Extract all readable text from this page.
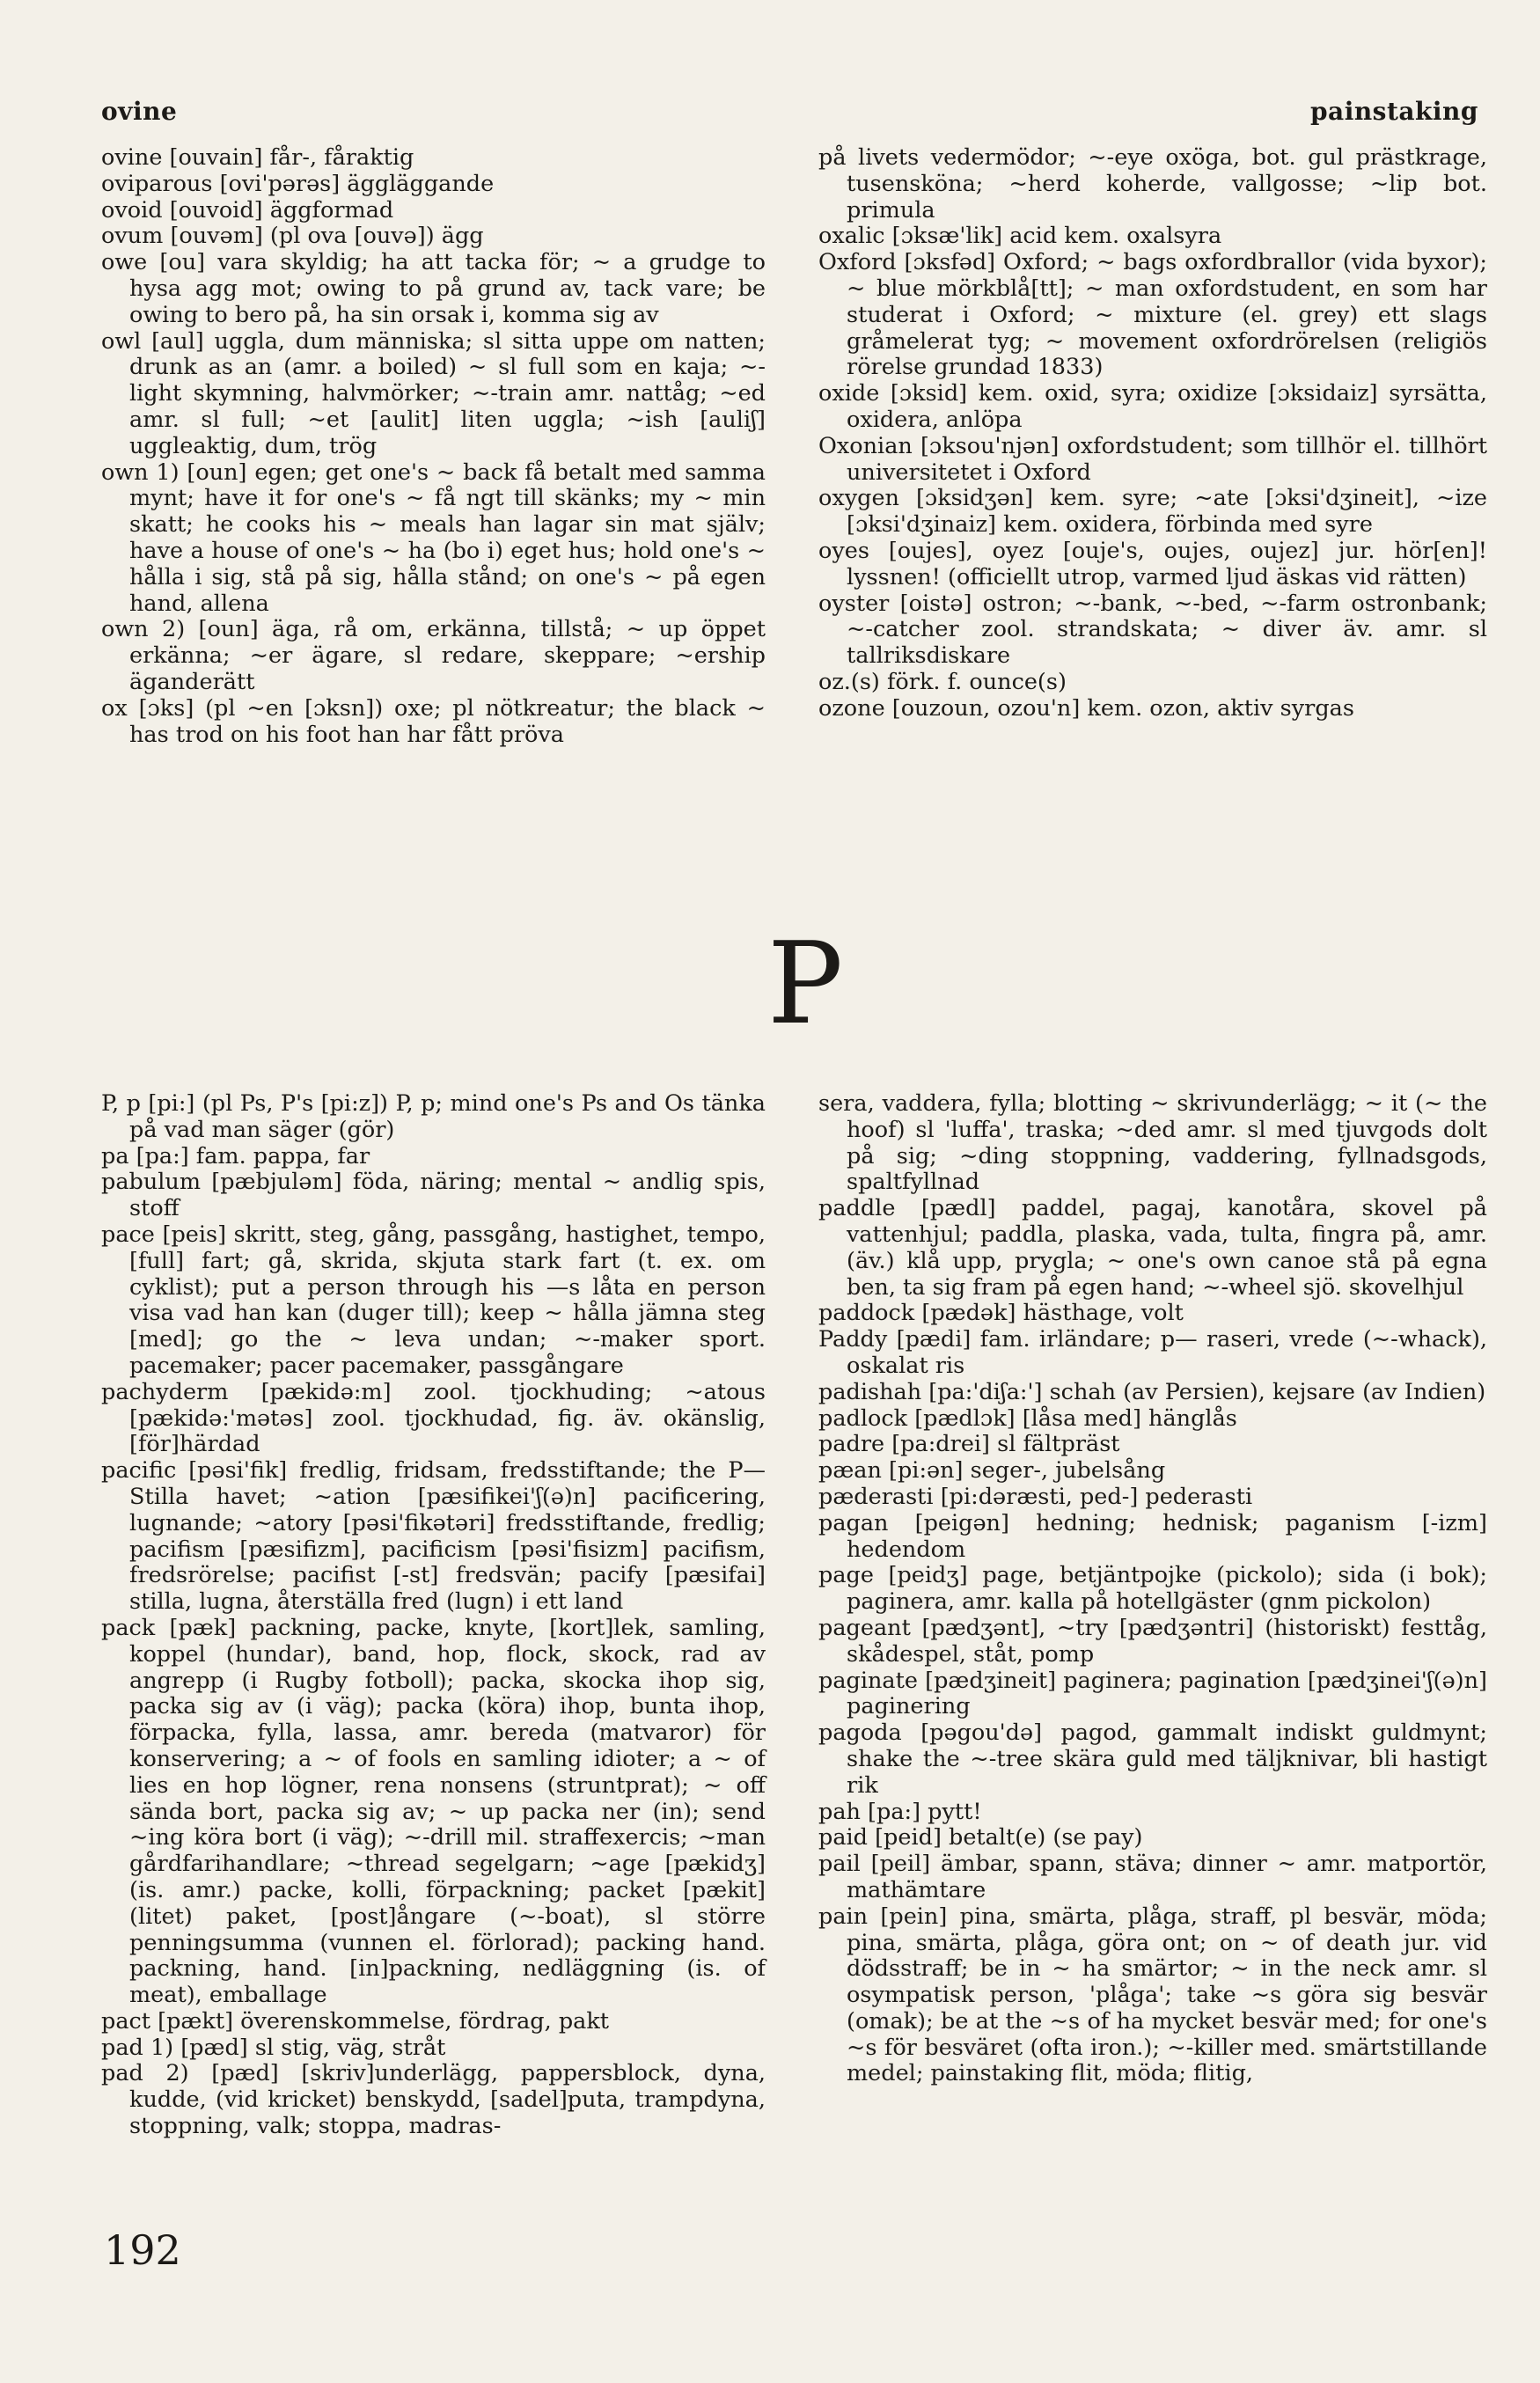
ovine	painstaking

ovine [ouvain] får-, fåraktig

oviparous [ovi'pərəs] äggläggande

ovoid [ouvoid] äggformad

ovum [ouvəm] (pl ova [ouvə]) ägg

owe [ou] vara skyldig; ha att tacka för; ~ a grudge to hysa agg mot; owing to på grund av, tack vare; be owing to bero på, ha sin orsak i, komma sig av

owl [aul] uggla, dum människa; sl sitta uppe om natten; drunk as an (amr. a boiled) ~ sl full som en kaja; ~-light skymning, halvmörker; ~-train amr. nattåg; ~ed amr. sl full; ~et [aulit] liten uggla; ~ish [auliʃ] uggleaktig, dum, trög

own 1) [oun] egen; get one's ~ back få betalt med samma mynt; have it for one's ~ få ngt till skänks; my ~ min skatt; he cooks his ~ meals han lagar sin mat själv; have a house of one's ~ ha (bo i) eget hus; hold one's ~ hålla i sig, stå på sig, hålla stånd; on one's ~ på egen hand, allena

own 2) [oun] äga, rå om, erkänna, tillstå; ~ up öppet erkänna; ~er ägare, sl redare, skeppare; ~ership äganderätt

ox [ɔks] (pl ~en [ɔksn]) oxe; pl nötkreatur; the black ~ has trod on his foot han har fått pröva

på livets vedermödor; ~-eye oxöga, bot. gul prästkrage, tusensköna; ~herd koherde, vallgosse; ~lip bot. primula

oxalic [ɔksæ'lik] acid kem. oxalsyra

Oxford [ɔksfəd] Oxford; ~ bags oxfordbrallor (vida byxor); ~ blue mörkblå[tt]; ~ man oxfordstudent, en som har studerat i Oxford; ~ mixture (el. grey) ett slags gråmelerat tyg; ~ movement oxfordrörelsen (religiös rörelse grundad 1833)

oxide [ɔksid] kem. oxid, syra; oxidize [ɔksidaiz] syrsätta, oxidera, anlöpa

Oxonian [ɔksou'njən] oxfordstudent; som tillhör el. tillhört universitetet i Oxford

oxygen [ɔksidʒən] kem. syre; ~ate [ɔksi'dʒineit], ~ize [ɔksi'dʒinaiz] kem. oxidera, förbinda med syre

oyes [oujes], oyez [ouje's, oujes, oujez] jur. hör[en]! lyssnen! (officiellt utrop, varmed ljud äskas vid rätten)

oyster [oistə] ostron; ~-bank, ~-bed, ~-farm ostronbank; ~-catcher zool. strandskata; ~ diver äv. amr. sl tallriksdiskare

oz.(s) förk. f. ounce(s)

ozone [ouzoun, ozou'n] kem. ozon, aktiv syrgas

P

P, p [pi:] (pl Ps, P's [pi:z]) P, p; mind one's Ps and Os tänka på vad man säger (gör)

pa [pa:] fam. pappa, far

pabulum [pæbjuləm] föda, näring; mental ~ andlig spis, stoff

pace [peis] skritt, steg, gång, passgång, hastighet, tempo, [full] fart; gå, skrida, skjuta stark fart (t. ex. om cyklist); put a person through his —s låta en person visa vad han kan (duger till); keep ~ hålla jämna steg [med]; go the ~ leva undan; ~-maker sport. pacemaker; pacer pacemaker, passgångare

pachyderm [pækidə:m] zool. tjockhuding; ~atous [pækidə:'mətəs] zool. tjockhudad, fig. äv. okänslig, [för]härdad

pacific [pəsi'fik] fredlig, fridsam, fredsstiftande; the P— Stilla havet; ~ation [pæsifikei'ʃ(ə)n] pacificering, lugnande; ~atory [pəsi'fikətəri] fredsstiftande, fredlig; pacifism [pæsifizm], pacificism [pəsi'fisizm] pacifism, fredsrörelse; pacifist [-st] fredsvän; pacify [pæsifai] stilla, lugna, återställa fred (lugn) i ett land

pack [pæk] packning, packe, knyte, [kort]lek, samling, koppel (hundar), band, hop, flock, skock, rad av angrepp (i Rugby fotboll); packa, skocka ihop sig, packa sig av (i väg); packa (köra) ihop, bunta ihop, förpacka, fylla, lassa, amr. bereda (matvaror) för konservering; a ~ of fools en samling idioter; a ~ of lies en hop lögner, rena nonsens (struntprat); ~ off sända bort, packa sig av; ~ up packa ner (in); send ~ing köra bort (i väg); ~-drill mil. straffexercis; ~man gårdfarihandlare; ~thread segelgarn; ~age [pækidʒ] (is. amr.) packe, kolli, förpackning; packet [pækit] (litet) paket, [post]ångare (~-boat), sl större penningsumma (vunnen el. förlorad); packing hand. packning, hand. [in]packning, nedläggning (is. of meat), emballage

pact [pækt] överenskommelse, fördrag, pakt

pad 1) [pæd] sl stig, väg, stråt

pad 2) [pæd] [skriv]underlägg, pappersblock, dyna, kudde, (vid kricket) benskydd, [sadel]puta, trampdyna, stoppning, valk; stoppa, madras-

sera, vaddera, fylla; blotting ~ skrivunderlägg; ~ it (~ the hoof) sl 'luffa', traska; ~ded amr. sl med tjuvgods dolt på sig; ~ding stoppning, vaddering, fyllnadsgods, spaltfyllnad

paddle [pædl] paddel, pagaj, kanotåra, skovel på vattenhjul; paddla, plaska, vada, tulta, fingra på, amr. (äv.) klå upp, prygla; ~ one's own canoe stå på egna ben, ta sig fram på egen hand; ~-wheel sjö. skovelhjul

paddock [pædək] hästhage, volt

Paddy [pædi] fam. irländare; p— raseri, vrede (~-whack), oskalat ris

padishah [pa:'diʃa:'] schah (av Persien), kejsare (av Indien)

padlock [pædlɔk] [låsa med] hänglås

padre [pa:drei] sl fältpräst

pæan [pi:ən] seger-, jubelsång

pæderasti [pi:dəræsti, ped-] pederasti

pagan [peigən] hedning; hednisk; paganism [-izm] hedendom

page [peidʒ] page, betjäntpojke (pickolo); sida (i bok); paginera, amr. kalla på hotellgäster (gnm pickolon)

pageant [pædʒənt], ~try [pædʒəntri] (historiskt) festtåg, skådespel, ståt, pomp

paginate [pædʒineit] paginera; pagination [pædʒinei'ʃ(ə)n] paginering

pagoda [pəgou'də] pagod, gammalt indiskt guldmynt; shake the ~-tree skära guld med täljknivar, bli hastigt rik

pah [pa:] pytt!

paid [peid] betalt(e) (se pay)

pail [peil] ämbar, spann, stäva; dinner ~ amr. matportör, mathämtare

pain [pein] pina, smärta, plåga, straff, pl besvär, möda; pina, smärta, plåga, göra ont; on ~ of death jur. vid dödsstraff; be in ~ ha smärtor; ~ in the neck amr. sl osympatisk person, 'plåga'; take ~s göra sig besvär (omak); be at the ~s of ha mycket besvär med; for one's ~s för besväret (ofta iron.); ~-killer med. smärtstillande medel; painstaking flit, möda; flitig,

192
